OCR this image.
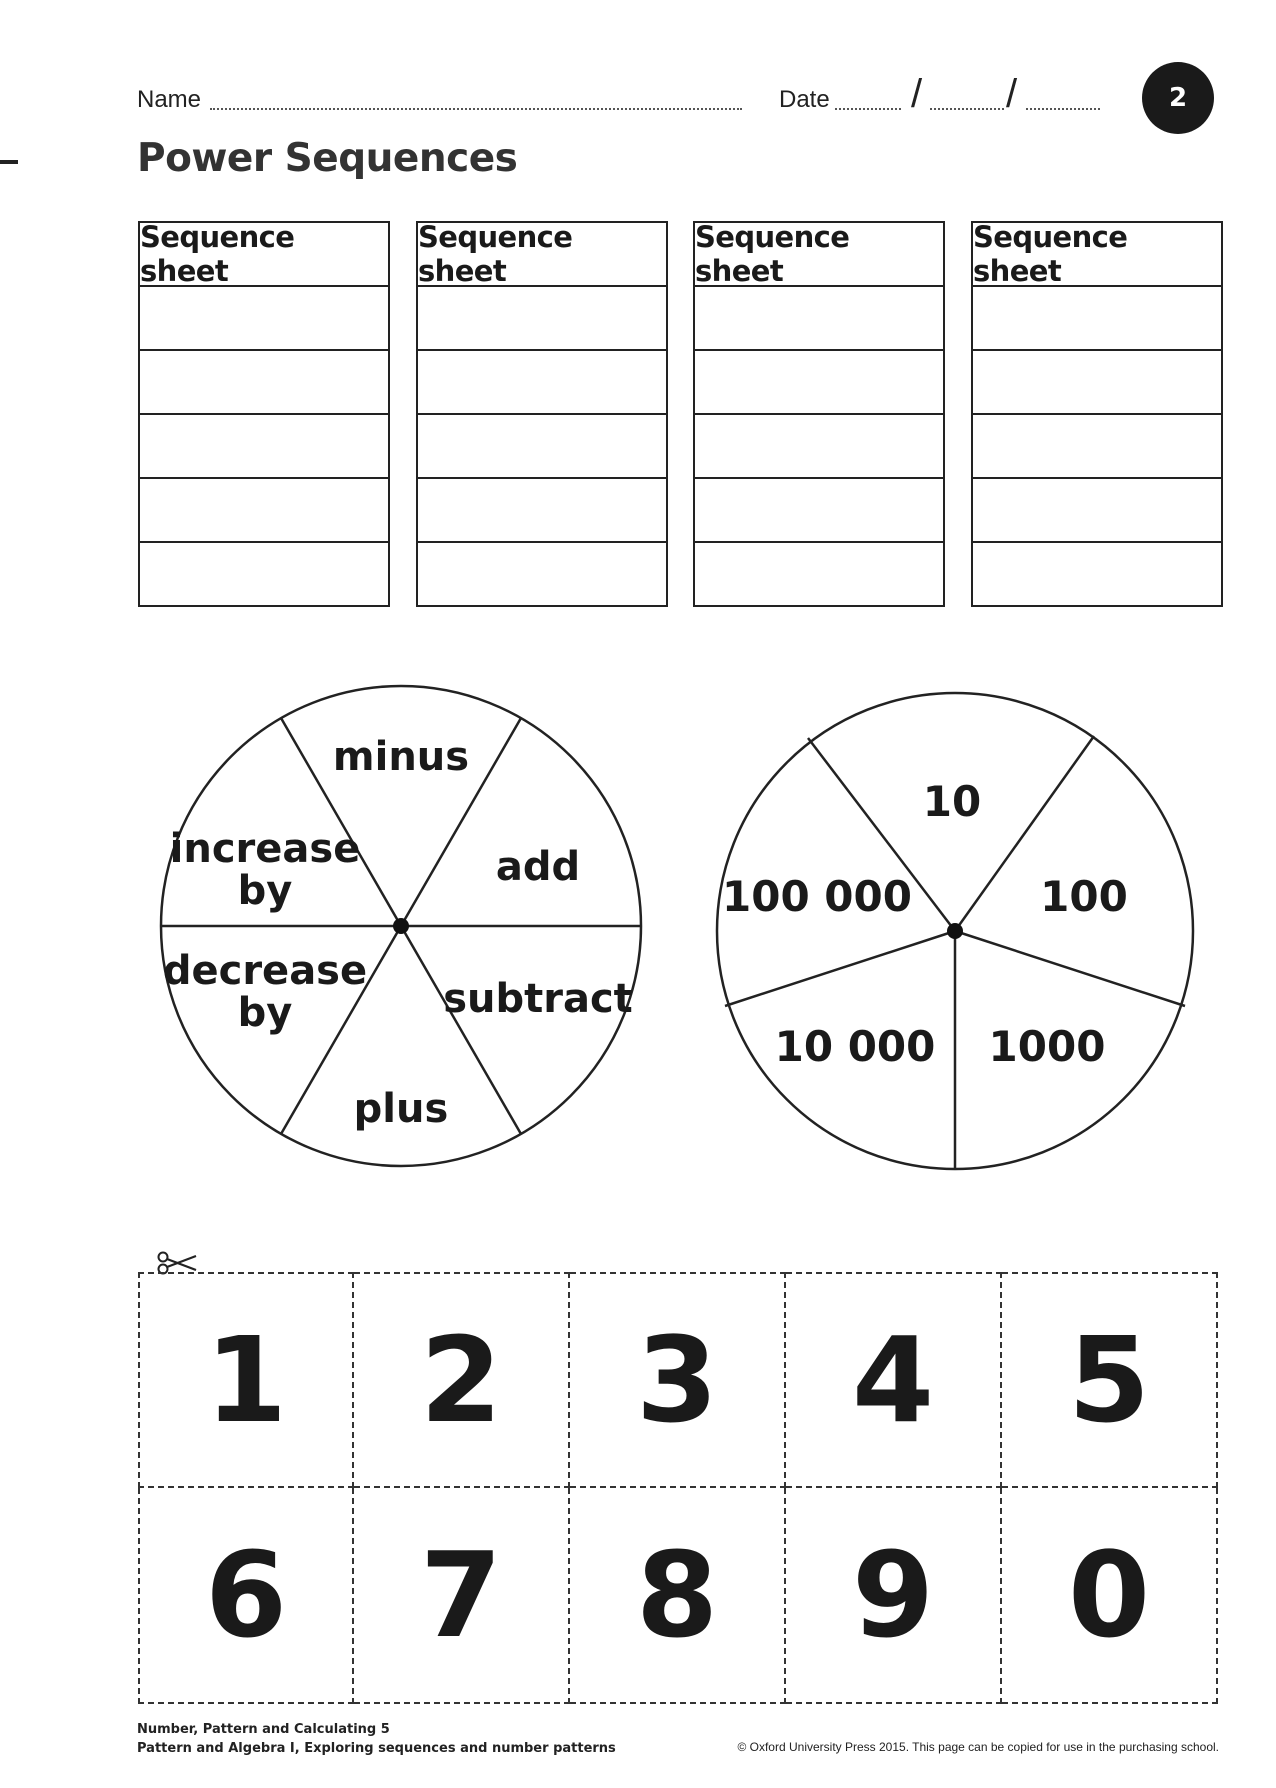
Name	Date / /	2
Power Sequences
Sequence sheet
Sequence sheet
Sequence sheet
Sequence sheet
minus
add
subtract
plus
decrease by
increase by
10
100
1000
10 000
100 000
1	2	3	4	5
6	7	8	9	0
Number, Pattern and Calculating 5
Pattern and Algebra I, Exploring sequences and number patterns	© Oxford University Press 2015. This page can be copied for use in the purchasing school.
